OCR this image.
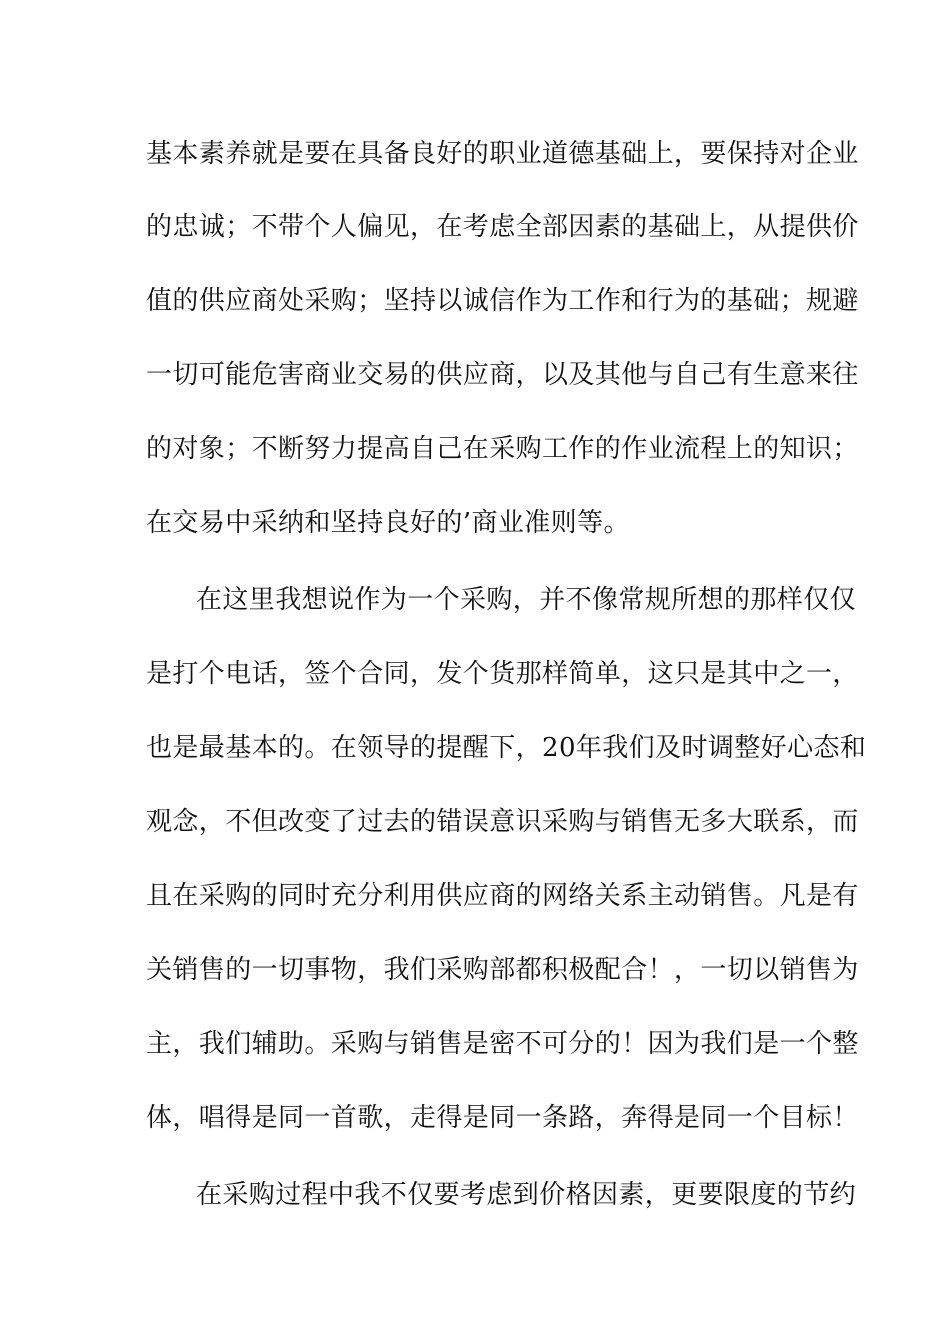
基本素养就是要在具备良好的职业道德基础上，要保持对企业
的忠诚；不带个人偏见，在考虑全部因素的基础上，从提供价
值的供应商处采购；坚持以诚信作为工作和行为的基础；规避
一切可能危害商业交易的供应商，以及其他与自己有生意来往
的对象；不断努力提高自己在采购工作的作业流程上的知识；
在交易中采纳和坚持良好的’商业准则等。
在这里我想说作为一个采购，并不像常规所想的那样仅仅
是打个电话，签个合同，发个货那样简单，这只是其中之一，
也是最基本的。在领导的提醒下，20年我们及时调整好心态和
观念，不但改变了过去的错误意识采购与销售无多大联系，而
且在采购的同时充分利用供应商的网络关系主动销售。凡是有
关销售的一切事物，我们采购部都积极配合！，一切以销售为
主，我们辅助。采购与销售是密不可分的！因为我们是一个整
体，唱得是同一首歌，走得是同一条路，奔得是同一个目标！
在采购过程中我不仅要考虑到价格因素，更要限度的节约
